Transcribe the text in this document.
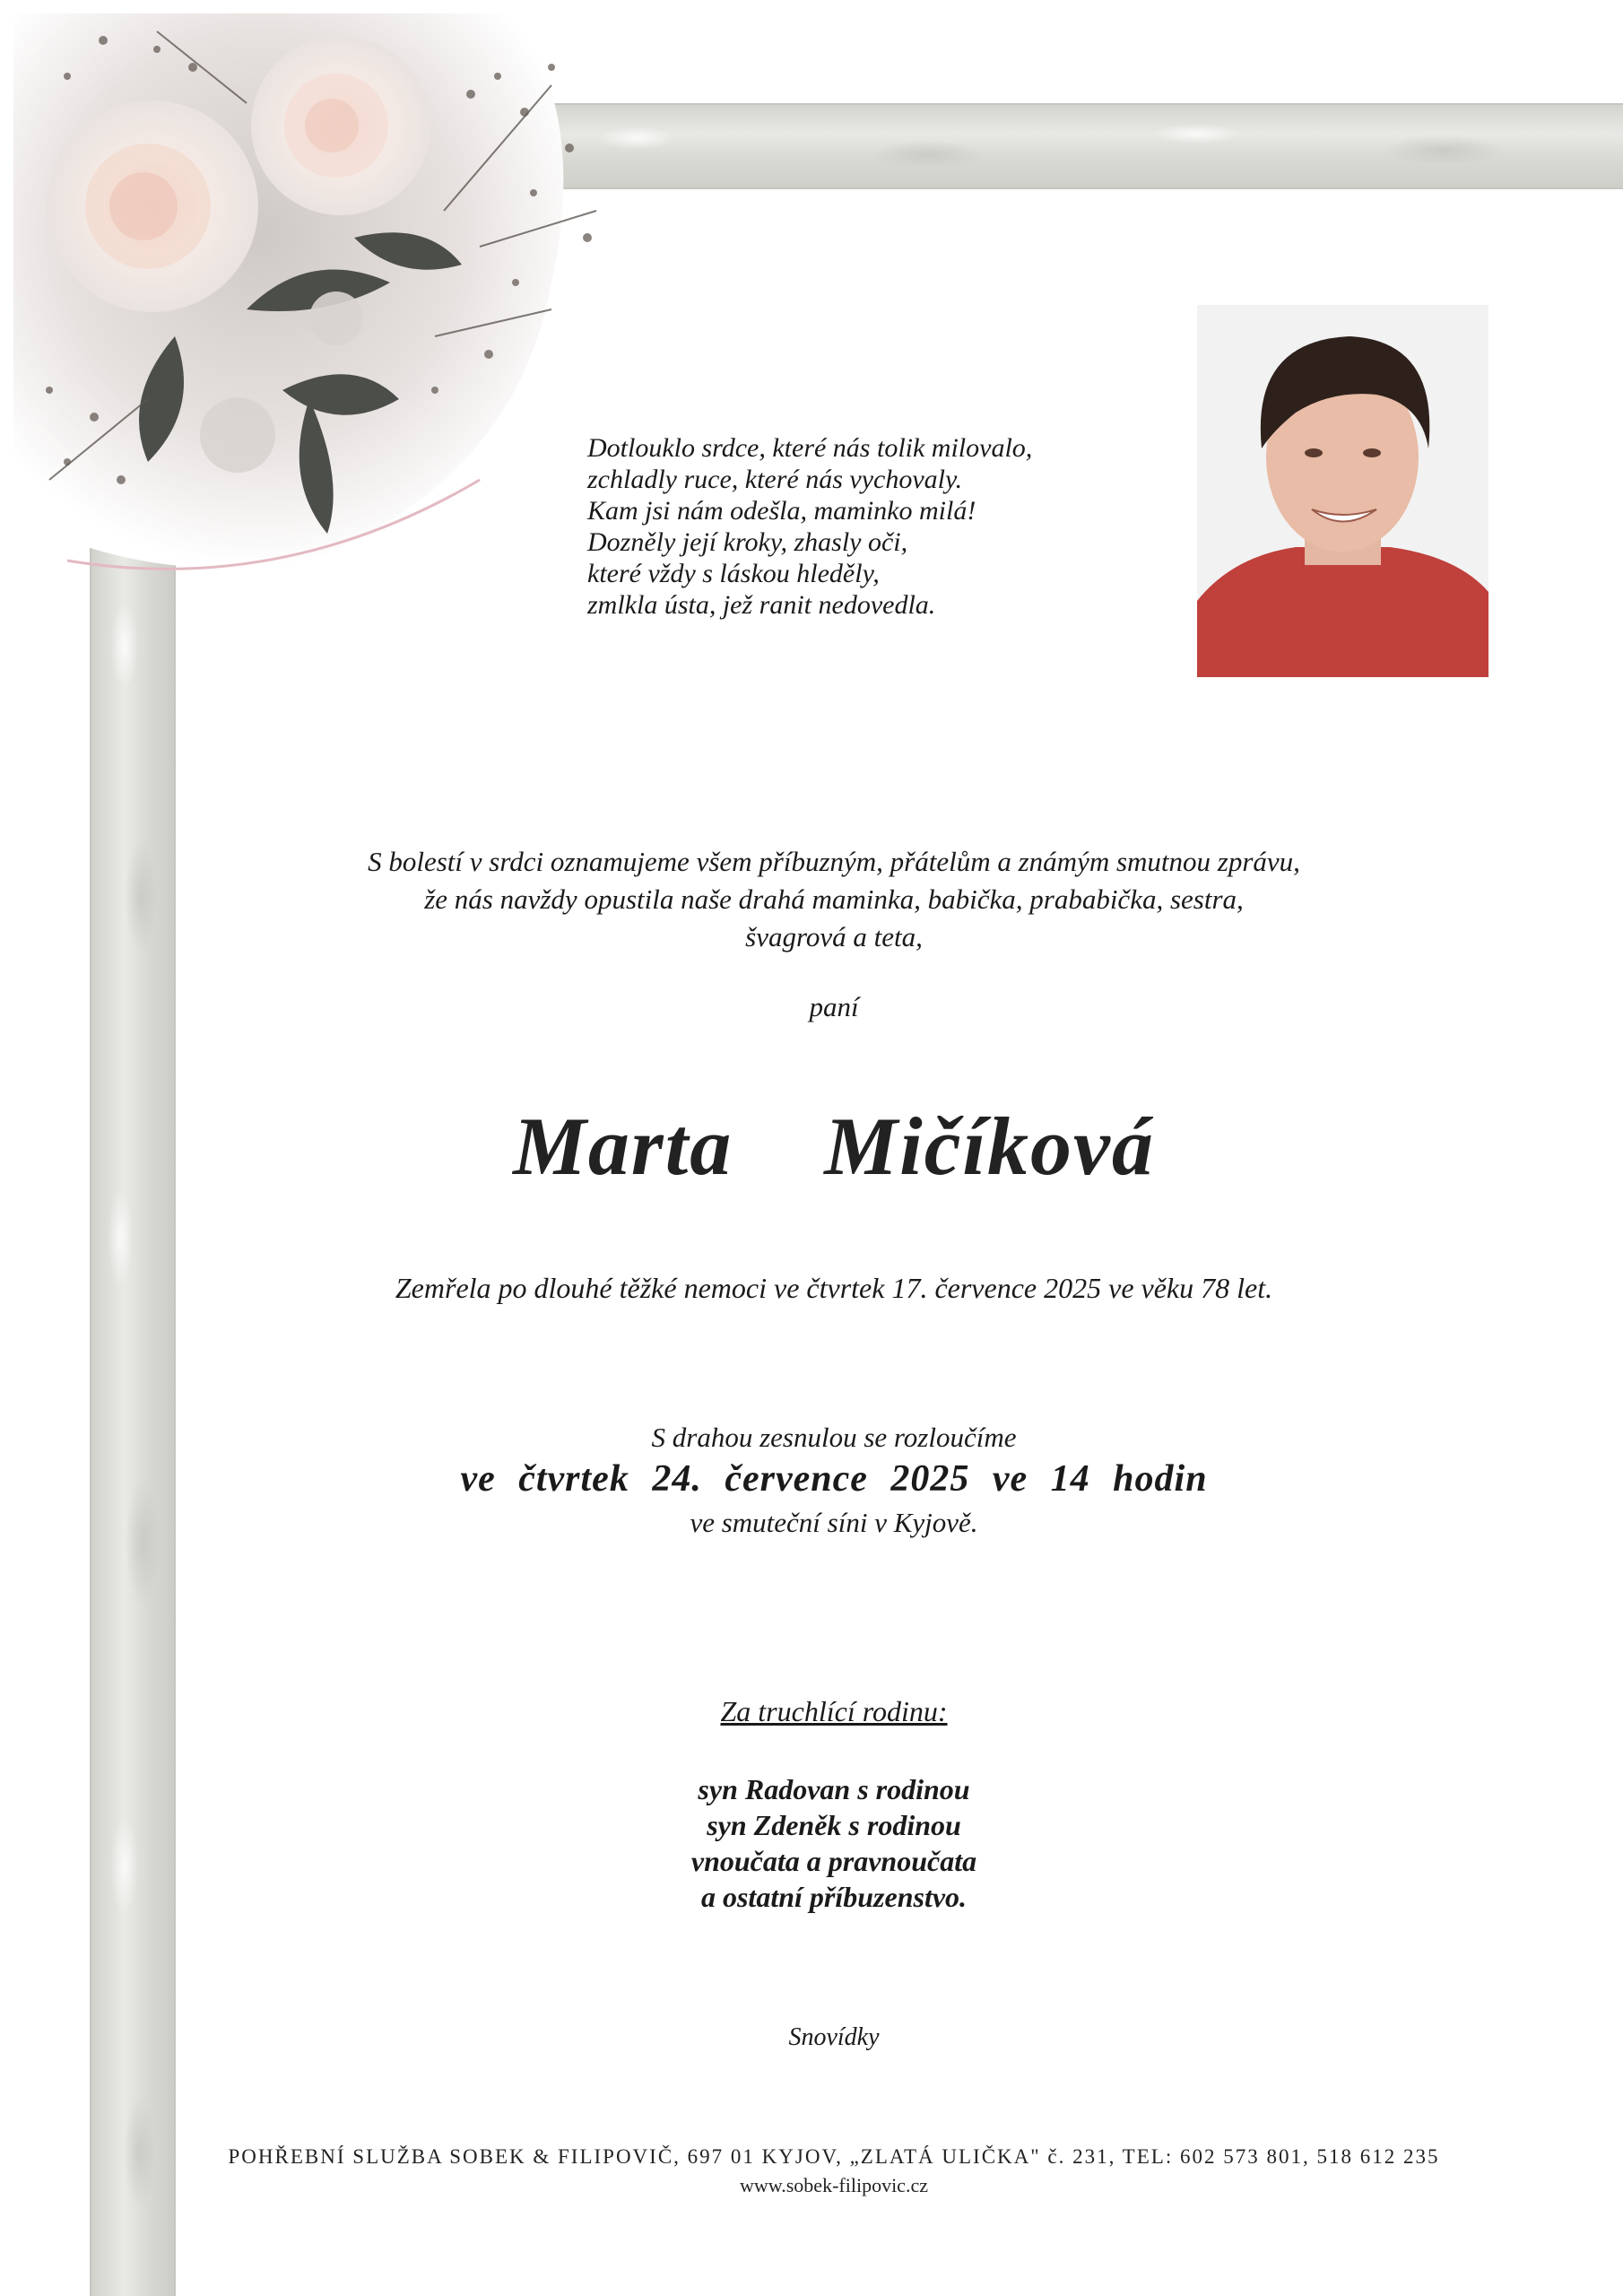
Dotlouklo srdce, které nás tolik milovalo,
zchladly ruce, které nás vychovaly.
Kam jsi nám odešla, maminko milá!
Dozněly její kroky, zhasly oči,
které vždy s láskou hleděly,
zmlkla ústa, jež ranit nedovedla.
S bolestí v srdci oznamujeme všem příbuzným, přátelům a známým smutnou zprávu,
že nás navždy opustila naše drahá maminka, babička, prababička, sestra,
švagrová a teta,
paní
Marta  Mičíková
Zemřela po dlouhé těžké nemoci ve čtvrtek 17. července 2025 ve věku 78 let.
S drahou zesnulou se rozloučíme
ve čtvrtek 24. července 2025 ve 14 hodin
ve smuteční síni v Kyjově.
Za truchlící rodinu:
syn Radovan s rodinou
syn Zdeněk s rodinou
vnoučata a pravnoučata
a ostatní příbuzenstvo.
Snovídky
POHŘEBNÍ SLUŽBA SOBEK & FILIPOVIČ, 697 01 KYJOV, „ZLATÁ ULIČKA" č. 231, TEL: 602 573 801, 518 612 235
www.sobek-filipovic.cz
